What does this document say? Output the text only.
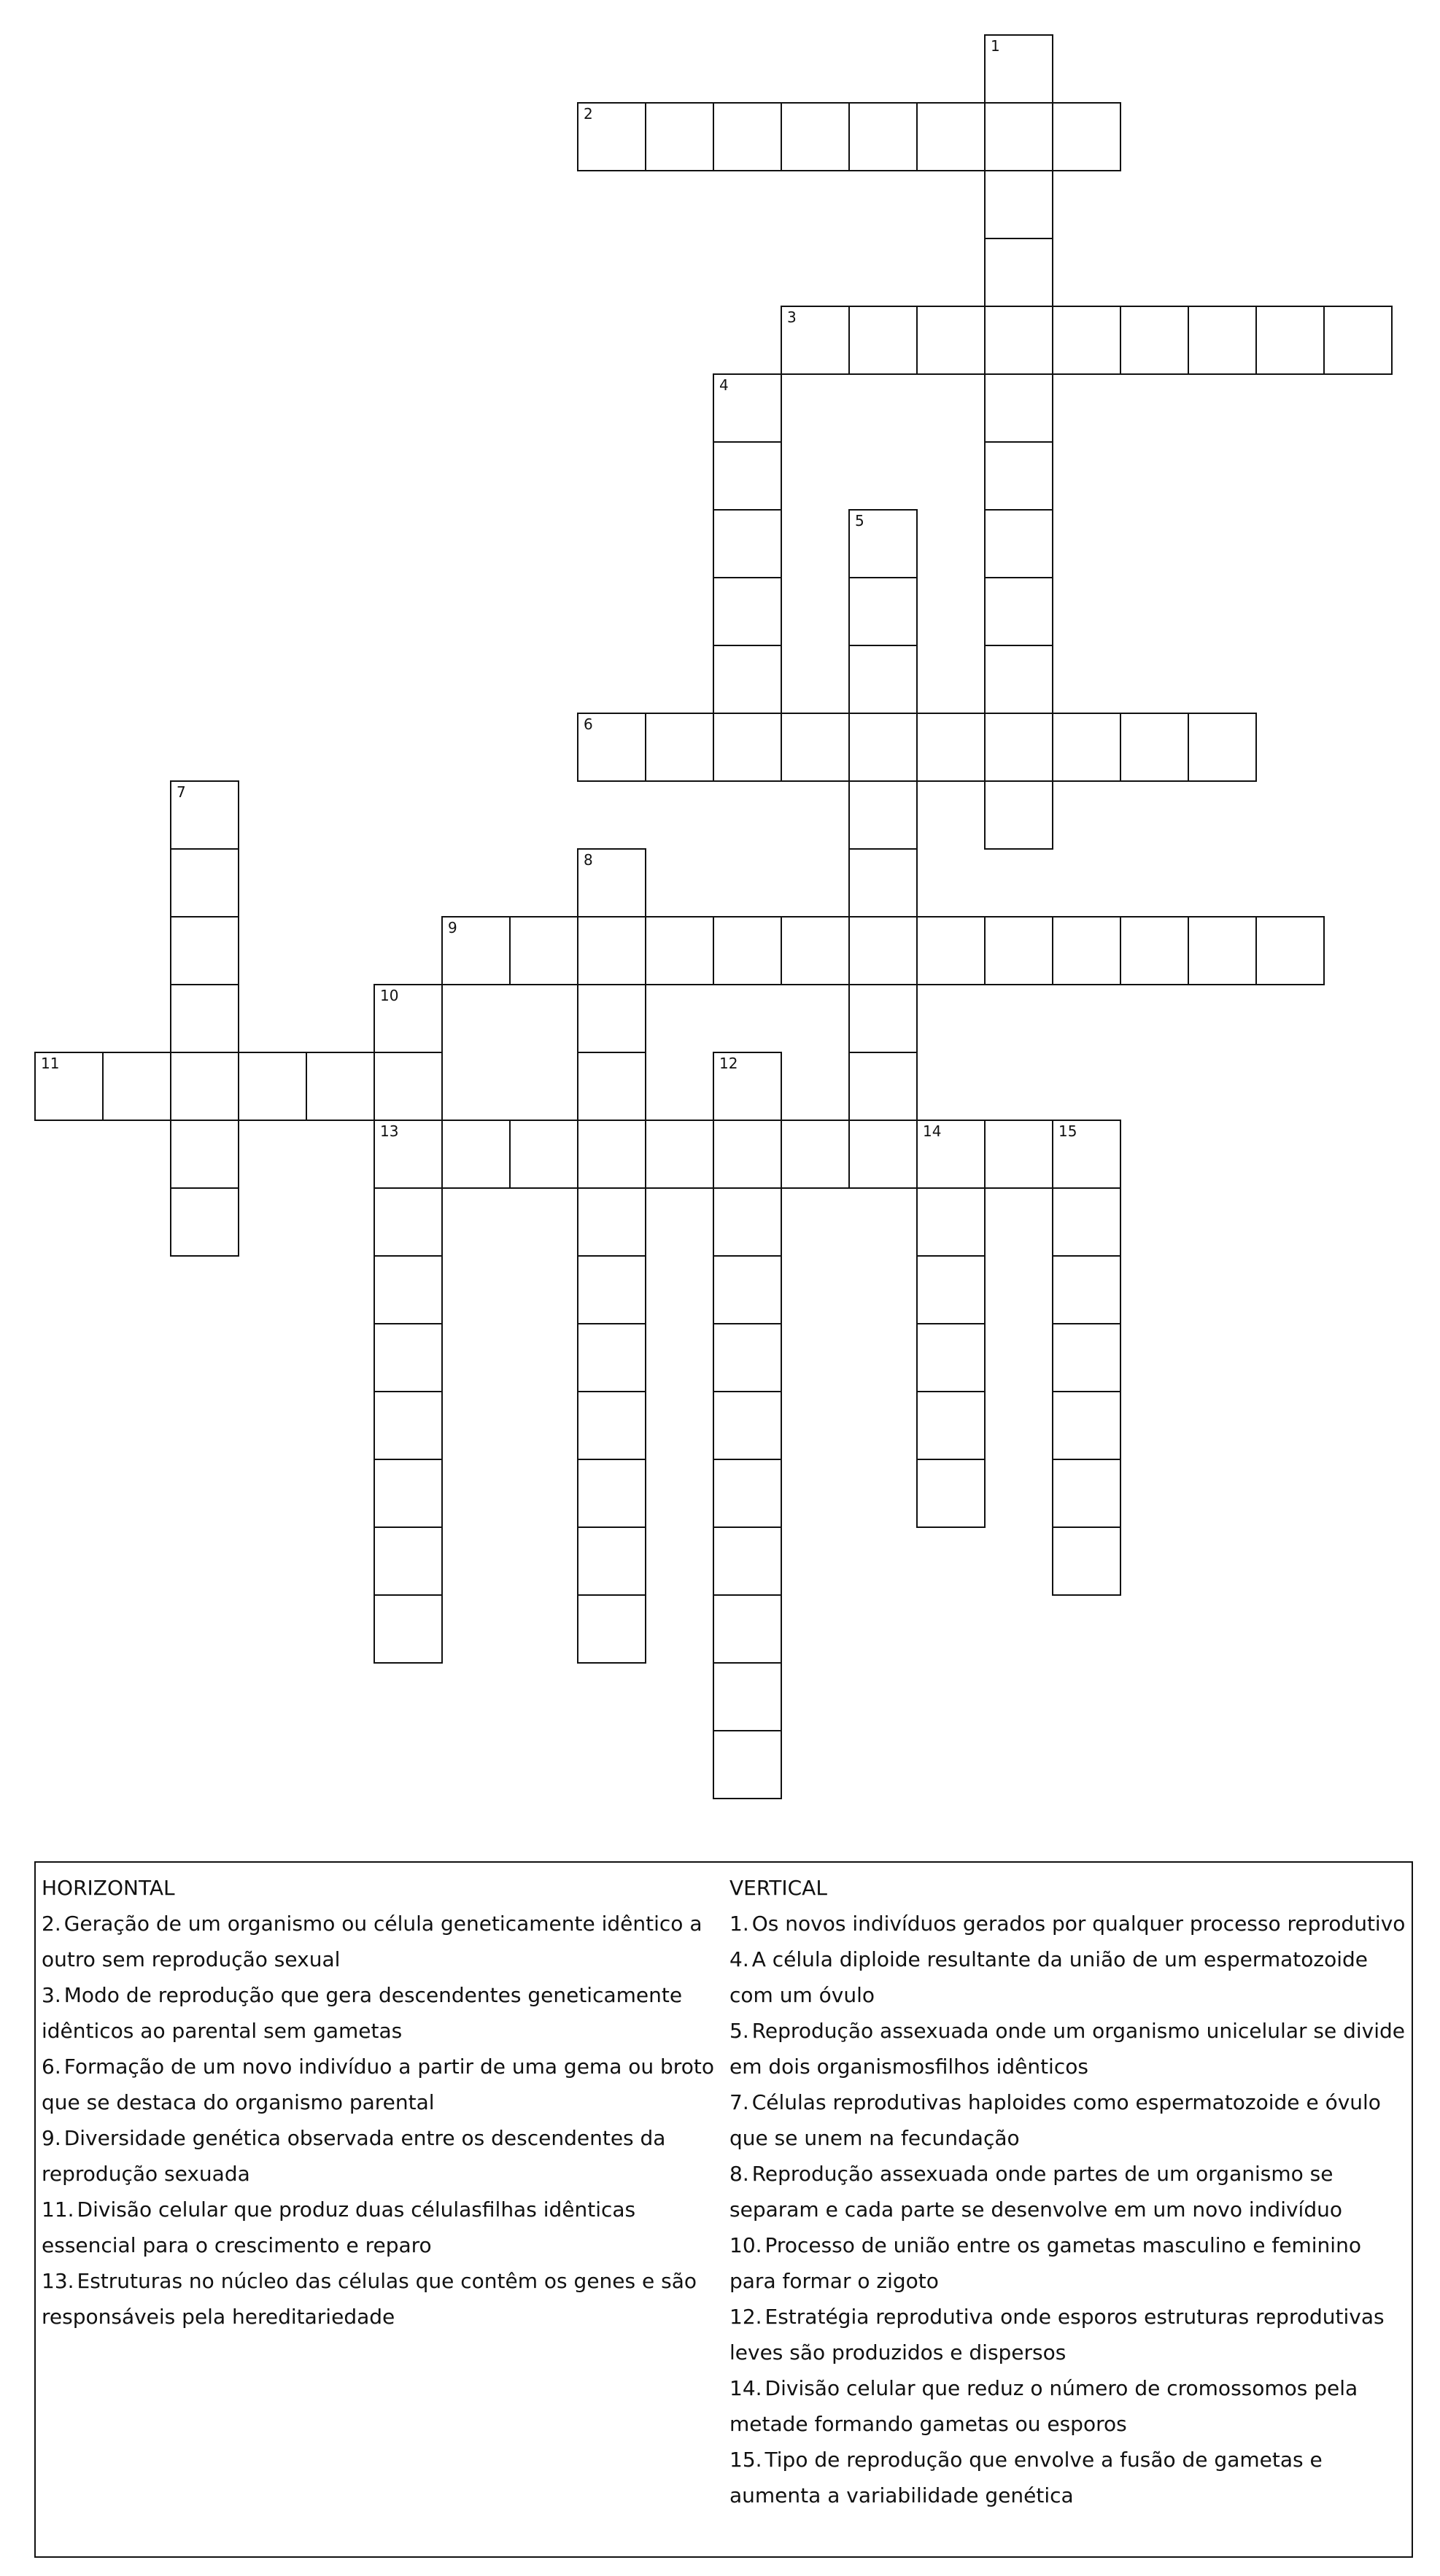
1
2
3
4
5
6
7
8
9
10
13
11	12
14	15

HORIZONTAL

2. Geração de um organismo ou célula geneticamente idêntico a outro sem reprodução sexual

3. Modo de reprodução que gera descendentes geneticamente idênticos ao parental sem gametas

6. Formação de um novo indivíduo a partir de uma gema ou broto que se destaca do organismo parental

9. Diversidade genética observada entre os descendentes da reprodução sexuada

11. Divisão celular que produz duas célulasfilhas idênticas essencial para o crescimento e reparo

13. Estruturas no núcleo das células que contêm os genes e são responsáveis pela hereditariedade

VERTICAL

1. Os novos indivíduos gerados por qualquer processo reprodutivo

4. A célula diploide resultante da união de um espermatozoide com um óvulo

5. Reprodução assexuada onde um organismo unicelular se divide em dois organismosfilhos idênticos

7. Células reprodutivas haploides como espermatozoide e óvulo que se unem na fecundação

8. Reprodução assexuada onde partes de um organismo se separam e cada parte se desenvolve em um novo indivíduo

10. Processo de união entre os gametas masculino e feminino para formar o zigoto

12. Estratégia reprodutiva onde esporos estruturas reprodutivas leves são produzidos e dispersos

14. Divisão celular que reduz o número de cromossomos pela metade formando gametas ou esporos

15. Tipo de reprodução que envolve a fusão de gametas e aumenta a variabilidade genética
